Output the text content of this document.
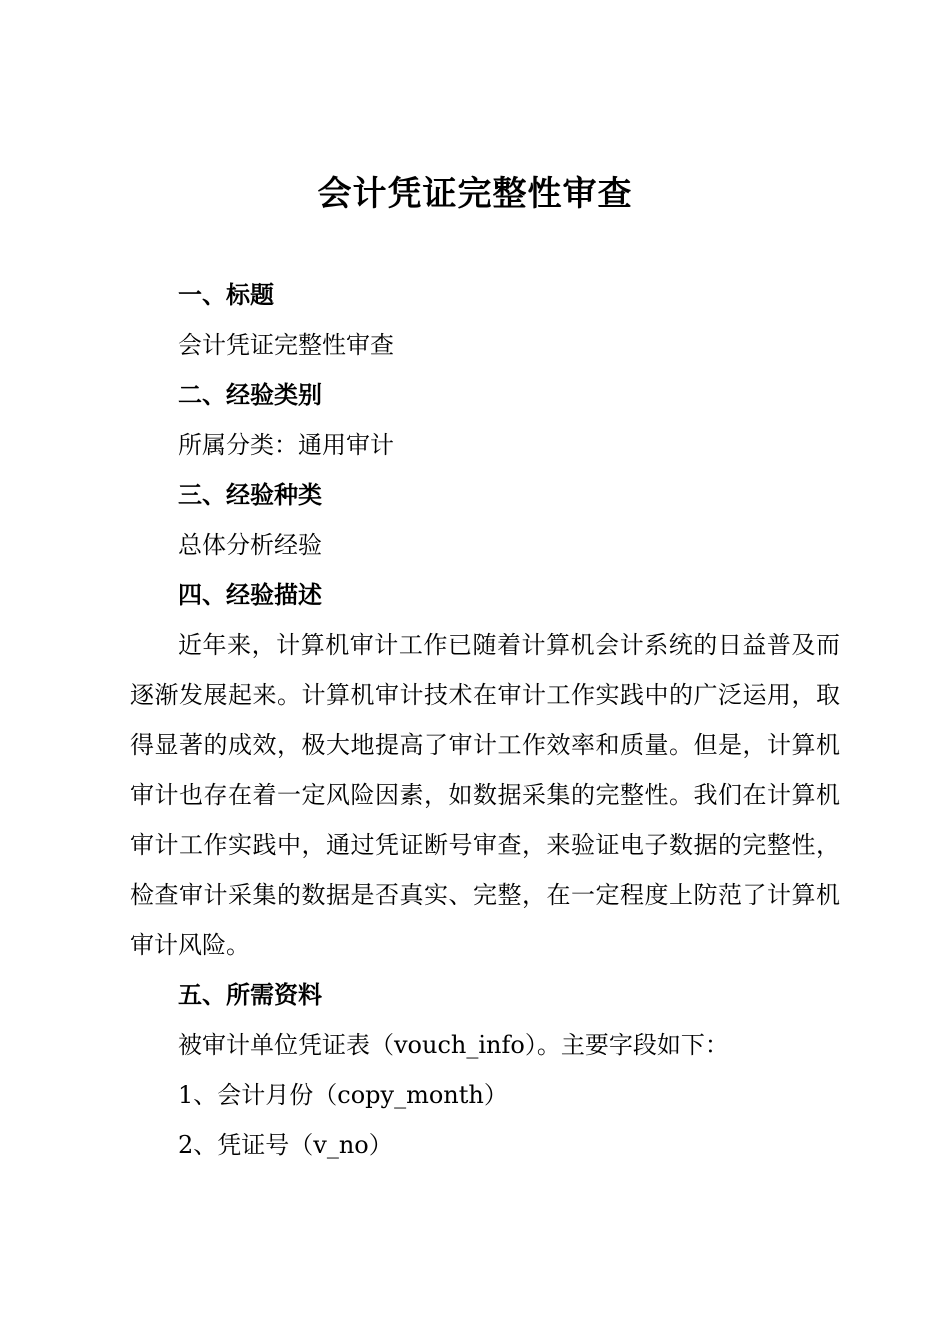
会计凭证完整性审查
一、标题
会计凭证完整性审查
二、经验类别
所属分类：通用审计
三、经验种类
总体分析经验
四、经验描述

近年来，计算机审计工作已随着计算机会计系统的日益普及而逐渐发展起来。计算机审计技术在审计工作实践中的广泛运用，取得显著的成效，极大地提高了审计工作效率和质量。但是，计算机审计也存在着一定风险因素，如数据采集的完整性。我们在计算机审计工作实践中，通过凭证断号审查，来验证电子数据的完整性，检查审计采集的数据是否真实、完整，在一定程度上防范了计算机审计风险。

五、所需资料
被审计单位凭证表（vouch_info）。主要字段如下：
1、会计月份（copy_month）
2、凭证号（v_no）
